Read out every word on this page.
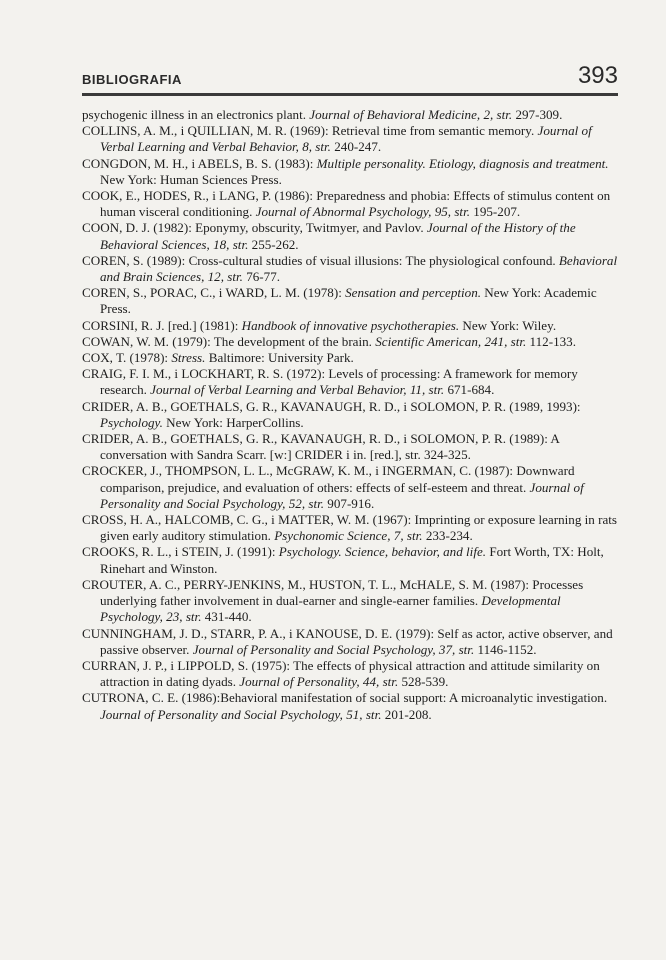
BIBLIOGRAFIA	393

psychogenic illness in an electronics plant. Journal of Behavioral Medicine, 2, str. 297-309.

COLLINS, A. M., i QUILLIAN, M. R. (1969): Retrieval time from semantic memory. Journal of Verbal Learning and Verbal Behavior, 8, str. 240-247.

CONGDON, M. H., i ABELS, B. S. (1983): Multiple personality. Etiology, diagnosis and treatment. New York: Human Sciences Press.

COOK, E., HODES, R., i LANG, P. (1986): Preparedness and phobia: Effects of stimulus content on human visceral conditioning. Journal of Abnormal Psychology, 95, str. 195-207.

COON, D. J. (1982): Eponymy, obscurity, Twitmyer, and Pavlov. Journal of the History of the Behavioral Sciences, 18, str. 255-262.

COREN, S. (1989): Cross-cultural studies of visual illusions: The physiological confound. Behavioral and Brain Sciences, 12, str. 76-77.

COREN, S., PORAC, C., i WARD, L. M. (1978): Sensation and perception. New York: Academic Press.

CORSINI, R. J. [red.] (1981): Handbook of innovative psychotherapies. New York: Wiley.

COWAN, W. M. (1979): The development of the brain. Scientific American, 241, str. 112-133.

COX, T. (1978): Stress. Baltimore: University Park.

CRAIG, F. I. M., i LOCKHART, R. S. (1972): Levels of processing: A framework for memory research. Journal of Verbal Learning and Verbal Behavior, 11, str. 671-684.

CRIDER, A. B., GOETHALS, G. R., KAVANAUGH, R. D., i SOLOMON, P. R. (1989, 1993): Psychology. New York: HarperCollins.

CRIDER, A. B., GOETHALS, G. R., KAVANAUGH, R. D., i SOLOMON, P. R. (1989): A conversation with Sandra Scarr. [w:] CRIDER i in. [red.], str. 324-325.

CROCKER, J., THOMPSON, L. L., McGRAW, K. M., i INGERMAN, C. (1987): Downward comparison, prejudice, and evaluation of others: effects of self-esteem and threat. Journal of Personality and Social Psychology, 52, str. 907-916.

CROSS, H. A., HALCOMB, C. G., i MATTER, W. M. (1967): Imprinting or exposure learning in rats given early auditory stimulation. Psychonomic Science, 7, str. 233-234.

CROOKS, R. L., i STEIN, J. (1991): Psychology. Science, behavior, and life. Fort Worth, TX: Holt, Rinehart and Winston.

CROUTER, A. C., PERRY-JENKINS, M., HUSTON, T. L., McHALE, S. M. (1987): Processes underlying father involvement in dual-earner and single-earner families. Developmental Psychology, 23, str. 431-440.

CUNNINGHAM, J. D., STARR, P. A., i KANOUSE, D. E. (1979): Self as actor, active observer, and passive observer. Journal of Personality and Social Psychology, 37, str. 1146-1152.

CURRAN, J. P., i LIPPOLD, S. (1975): The effects of physical attraction and attitude similarity on attraction in dating dyads. Journal of Personality, 44, str. 528-539.

CUTRONA, C. E. (1986):Behavioral manifestation of social support: A microanalytic investigation. Journal of Personality and Social Psychology, 51, str. 201-208.
